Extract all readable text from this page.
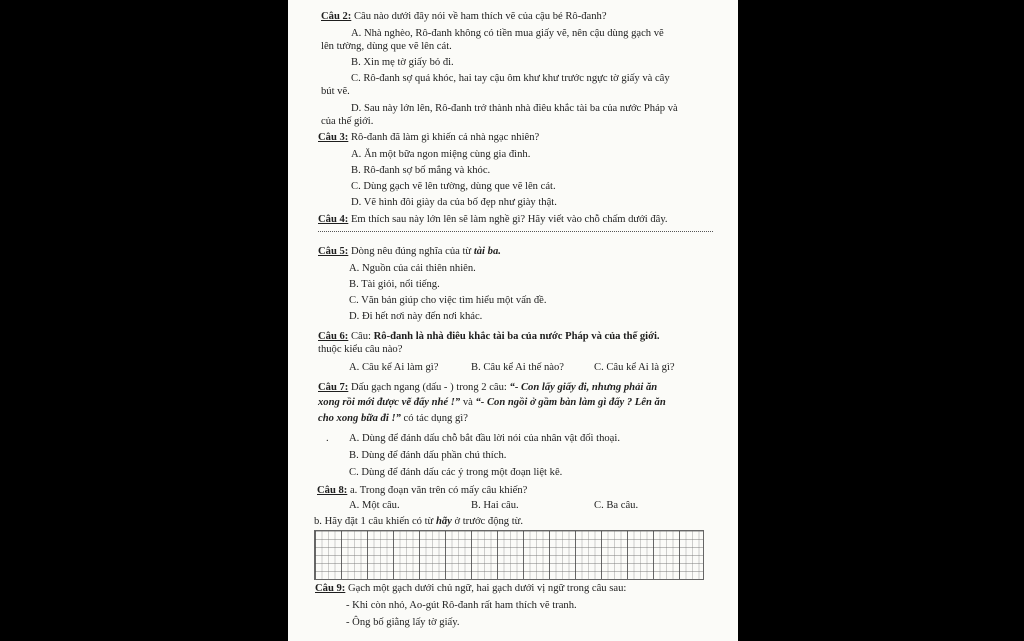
Câu 2: Câu nào dưới đây nói về ham thích vẽ của cậu bé Rô-đanh?
A. Nhà nghèo, Rô-đanh không có tiền mua giấy vẽ, nên cậu dùng gạch vẽ
lên tường, dùng que vẽ lên cát.
B. Xin mẹ tờ giấy bỏ đi.
C. Rô-đanh sợ quá khóc, hai tay cậu ôm khư khư trước ngực tờ giấy và cây
bút vẽ.
D. Sau này lớn lên, Rô-đanh trở thành nhà điêu khắc tài ba của nước Pháp và
của thế giới.
Câu 3: Rô-đanh đã làm gì khiến cả nhà ngạc nhiên?
A. Ăn một bữa ngon miệng cùng gia đình.
B. Rô-đanh sợ bố mắng và khóc.
C. Dùng gạch vẽ lên tường, dùng que vẽ lên cát.
D. Vẽ hình đôi giày da của bố đẹp như giày thật.
Câu 4: Em thích sau này lớn lên sẽ làm nghề gì? Hãy viết vào chỗ chấm dưới đây.
Câu 5: Dòng nêu đúng nghĩa của từ tài ba.
A. Nguồn của cải thiên nhiên.
B. Tài giỏi, nổi tiếng.
C. Văn bản giúp cho việc tìm hiểu một vấn đề.
D. Đi hết nơi này đến nơi khác.
Câu 6: Câu: Rô-đanh là nhà điêu khắc tài ba của nước Pháp và của thế giới.
thuộc kiểu câu nào?
A. Câu kể Ai làm gì?	B. Câu kể Ai thế nào?	C. Câu kể Ai là gì?
Câu 7: Dấu gạch ngang (dấu - ) trong 2 câu: “- Con lấy giấy đi, nhưng phải ăn
xong rồi mới được vẽ đấy nhé !” và “- Con ngồi ở gầm bàn làm gì đấy ? Lên ăn
cho xong bữa đi !” có tác dụng gì?
. A. Dùng để đánh dấu chỗ bắt đầu lời nói của nhân vật đối thoại.
B. Dùng để đánh dấu phần chú thích.
C. Dùng để đánh dấu các ý trong một đoạn liệt kê.
Câu 8: a. Trong đoạn văn trên có mấy câu khiến?
A. Một câu.	B. Hai câu.	C. Ba câu.
b. Hãy đặt 1 câu khiến có từ hãy ở trước động từ.
Câu 9: Gạch một gạch dưới chủ ngữ, hai gạch dưới vị ngữ trong câu sau:
- Khi còn nhỏ, Ao-gút Rô-đanh rất ham thích vẽ tranh.
- Ông bố giằng lấy tờ giấy.
